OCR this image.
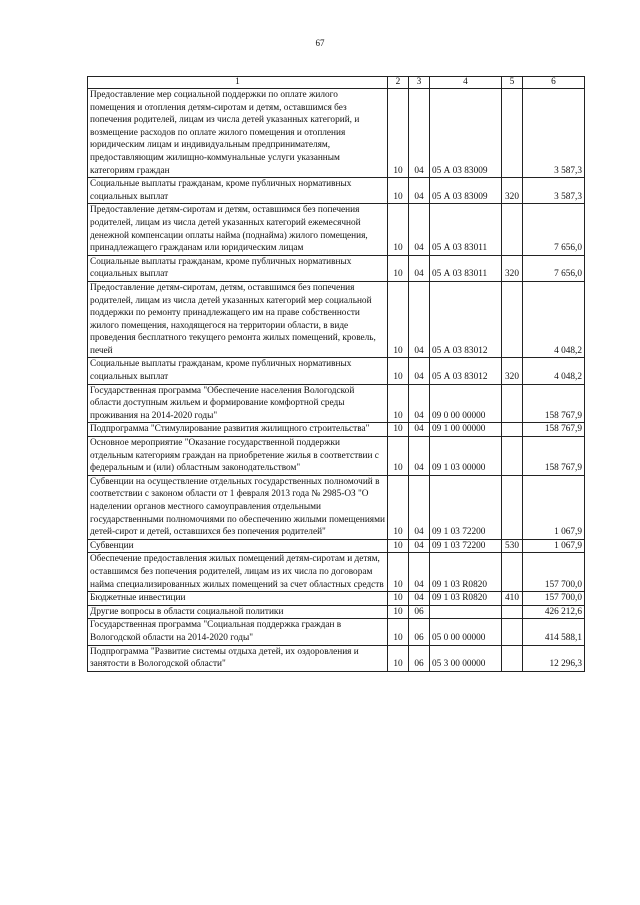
67
1	2	3	4	5	6
Предоставление мер социальной поддержки по оплате жилого помещения и отопления детям-сиротам и детям, оставшимся без попечения родителей, лицам из числа детей указанных категорий, и возмещение расходов по оплате жилого помещения и отопления юридическим лицам и индивидуальным предпринимателям, предоставляющим жилищно-коммунальные услуги указанным категориям граждан	10	04	05 А 03 83009		3 587,3
Социальные выплаты гражданам, кроме публичных нормативных социальных выплат	10	04	05 А 03 83009	320	3 587,3
Предоставление детям-сиротам и детям, оставшимся без попечения родителей, лицам из числа детей указанных категорий ежемесячной денежной компенсации оплаты найма (поднайма) жилого помещения, принадлежащего гражданам или юридическим лицам	10	04	05 А 03 83011		7 656,0
Социальные выплаты гражданам, кроме публичных нормативных социальных выплат	10	04	05 А 03 83011	320	7 656,0
Предоставление детям-сиротам, детям, оставшимся без попечения родителей, лицам из числа детей указанных категорий мер социальной поддержки по ремонту принадлежащего им на праве собственности жилого помещения, находящегося на территории области, в виде проведения бесплатного текущего ремонта жилых помещений, кровель, печей	10	04	05 А 03 83012		4 048,2
Социальные выплаты гражданам, кроме публичных нормативных социальных выплат	10	04	05 А 03 83012	320	4 048,2
Государственная программа "Обеспечение населения Вологодской области доступным жильем и формирование комфортной среды проживания на 2014-2020 годы"	10	04	09 0 00 00000		158 767,9
Подпрограмма "Стимулирование развития жилищного строительства"	10	04	09 1 00 00000		158 767,9
Основное мероприятие "Оказание государственной поддержки отдельным категориям граждан на приобретение жилья в соответствии с федеральным и (или) областным законодательством"	10	04	09 1 03 00000		158 767,9
Субвенции на осуществление отдельных государственных полномочий в соответствии с законом области от 1 февраля 2013 года № 2985-ОЗ "О наделении органов местного самоуправления отдельными государственными полномочиями по обеспечению жилыми помещениями детей-сирот и детей, оставшихся без попечения родителей"	10	04	09 1 03 72200		1 067,9
Субвенции	10	04	09 1 03 72200	530	1 067,9
Обеспечение предоставления жилых помещений детям-сиротам и детям, оставшимся без попечения родителей, лицам из их числа по договорам найма специализированных жилых помещений за счет областных средств	10	04	09 1 03 R0820		157 700,0
Бюджетные инвестиции	10	04	09 1 03 R0820	410	157 700,0
Другие вопросы в области социальной политики	10	06			426 212,6
Государственная программа "Социальная поддержка граждан в Вологодской области на 2014-2020 годы"	10	06	05 0 00 00000		414 588,1
Подпрограмма "Развитие системы отдыха детей, их оздоровления и занятости в Вологодской области"	10	06	05 3 00 00000		12 296,3
